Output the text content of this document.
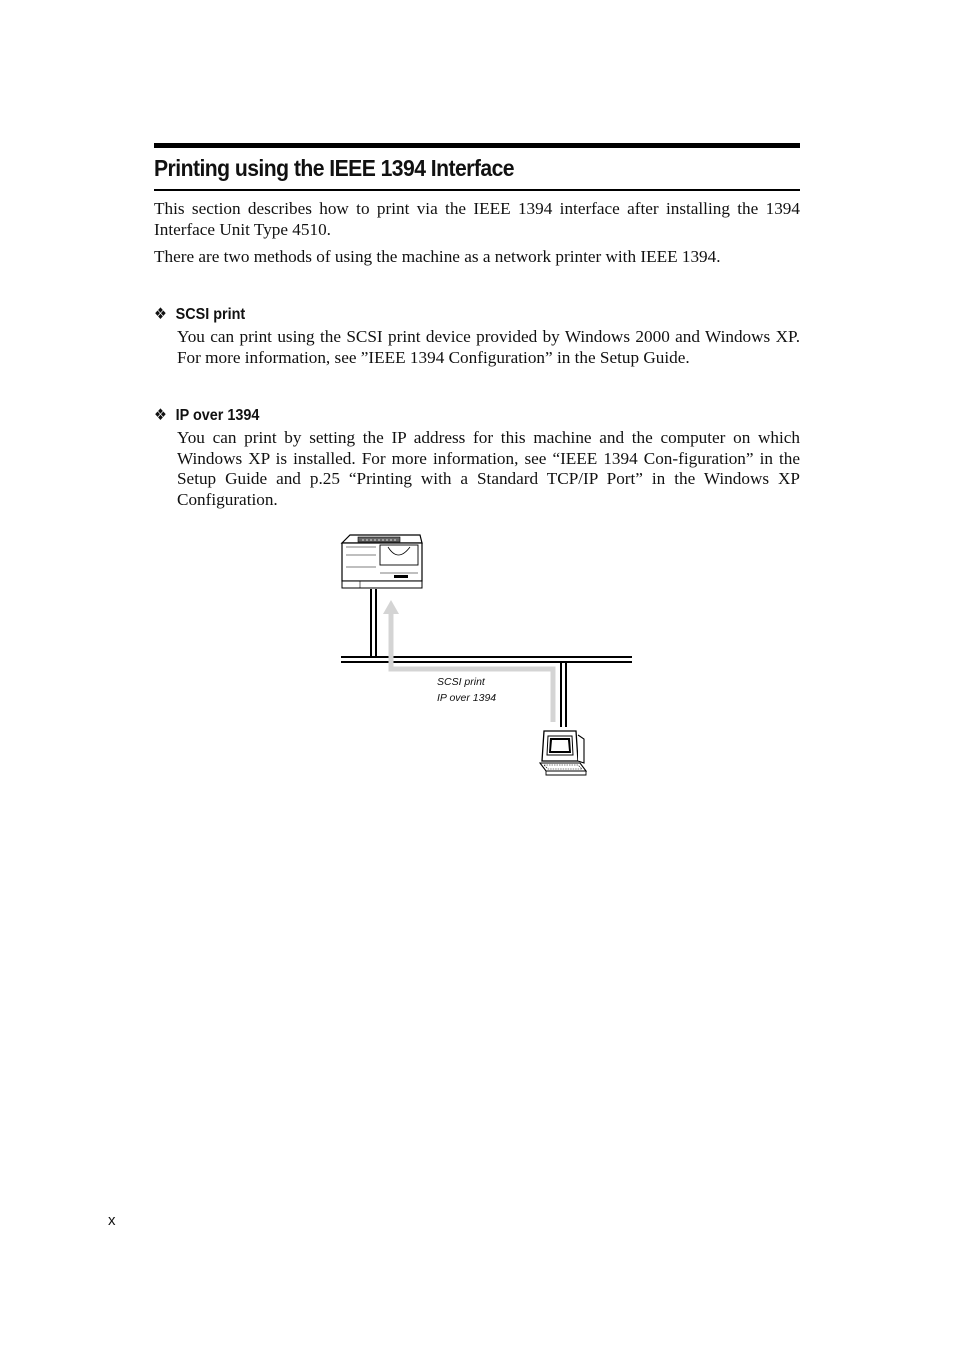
Printing using the IEEE 1394 Interface

This section describes how to print via the IEEE 1394 interface after installing the 1394 Interface Unit Type 4510.

There are two methods of using the machine as a network printer with IEEE 1394.

❖ SCSI print

You can print using the SCSI print device provided by Windows 2000 and Windows XP. For more information, see ”IEEE 1394 Configuration” in the Setup Guide.

❖ IP over 1394

You can print by setting the IP address for this machine and the computer on which Windows XP is installed. For more information, see “IEEE 1394 Con-figuration” in the Setup Guide and p.25 “Printing with a Standard TCP/IP Port” in the Windows XP Configuration.

SCSI print
IP over 1394
x
